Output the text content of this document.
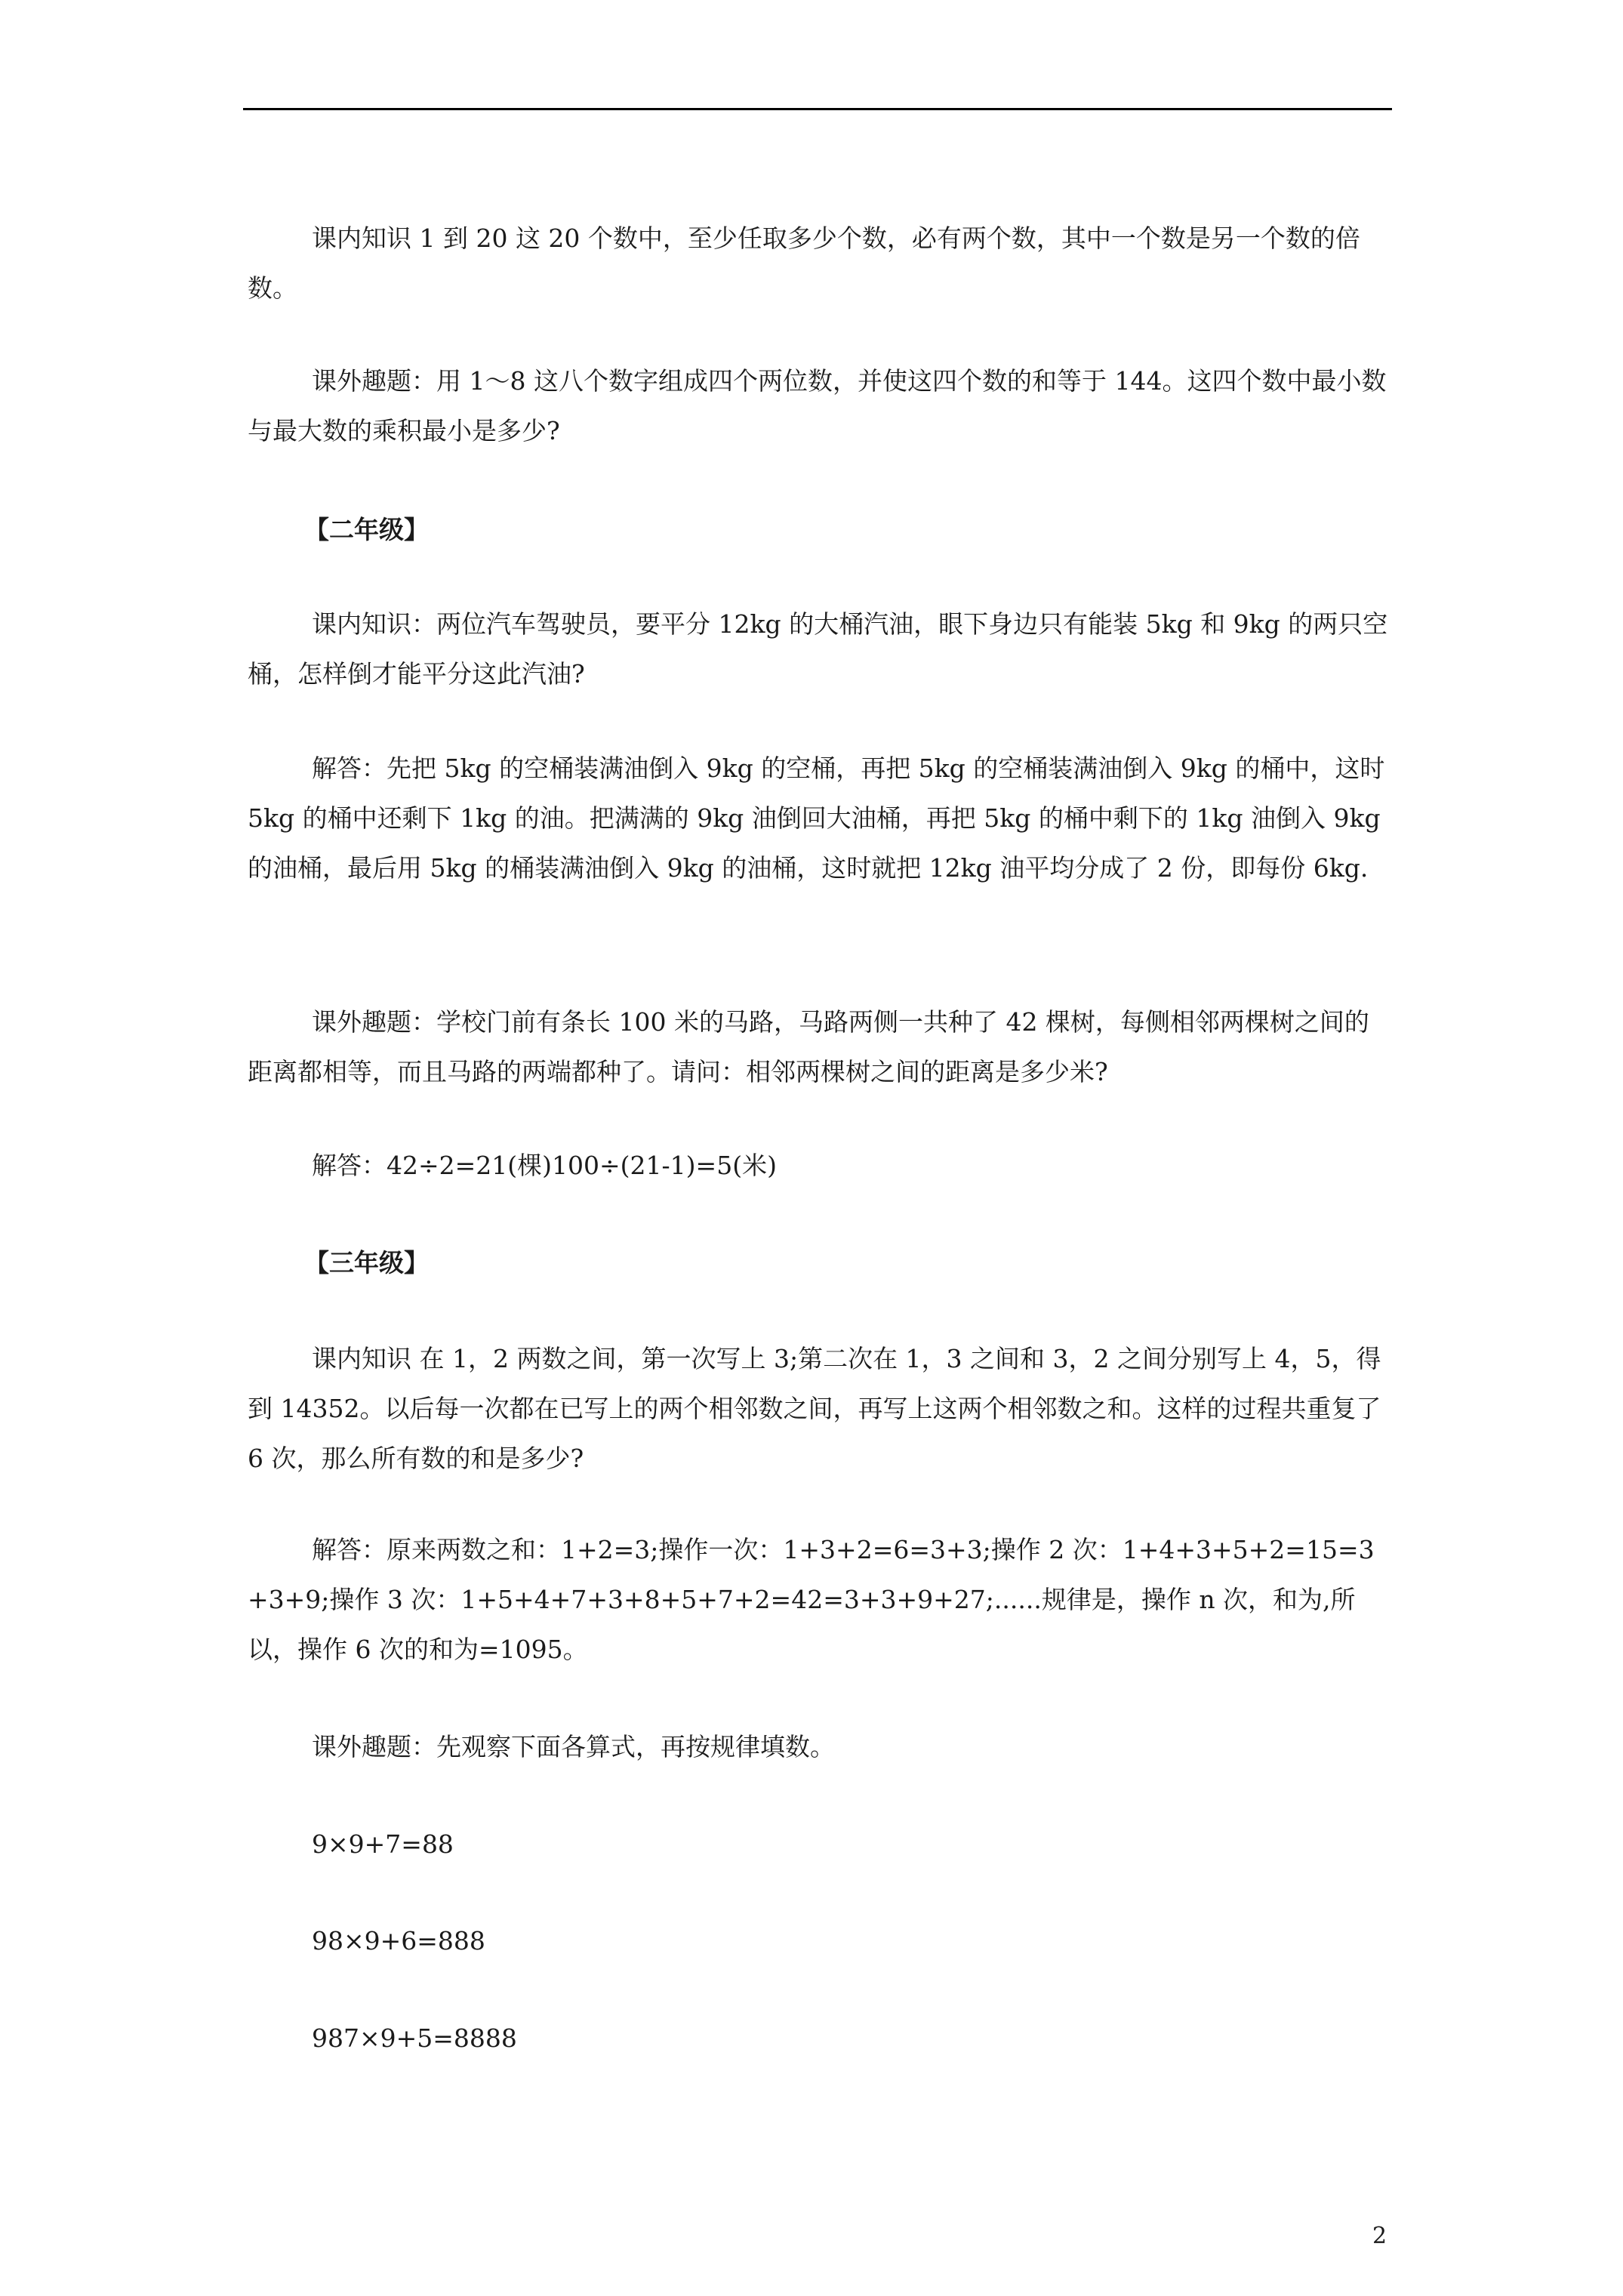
课内知识 1 到 20 这 20 个数中，至少任取多少个数，必有两个数，其中一个数是另一个数的倍数。

课外趣题：用 1～8 这八个数字组成四个两位数，并使这四个数的和等于 144。这四个数中最小数与最大数的乘积最小是多少?

【二年级】

课内知识：两位汽车驾驶员，要平分 12kg 的大桶汽油，眼下身边只有能装 5kg 和 9kg 的两只空桶，怎样倒才能平分这此汽油?

解答：先把 5kg 的空桶装满油倒入 9kg 的空桶，再把 5kg 的空桶装满油倒入 9kg 的桶中，这时 5kg 的桶中还剩下 1kg 的油。把满满的 9kg 油倒回大油桶，再把 5kg 的桶中剩下的 1kg 油倒入 9kg 的油桶，最后用 5kg 的桶装满油倒入 9kg 的油桶，这时就把 12kg 油平均分成了 2 份，即每份 6kg.

课外趣题：学校门前有条长 100 米的马路，马路两侧一共种了 42 棵树，每侧相邻两棵树之间的距离都相等，而且马路的两端都种了。请问：相邻两棵树之间的距离是多少米?

解答：42÷2=21(棵)100÷(21-1)=5(米)

【三年级】

课内知识 在 1，2 两数之间，第一次写上 3;第二次在 1，3 之间和 3，2 之间分别写上 4，5，得到 14352。以后每一次都在已写上的两个相邻数之间，再写上这两个相邻数之和。这样的过程共重复了 6 次，那么所有数的和是多少?

解答：原来两数之和：1+2=3;操作一次：1+3+2=6=3+3;操作 2 次：1+4+3+5+2=15=3+3+9;操作 3 次：1+5+4+7+3+8+5+7+2=42=3+3+9+27;......规律是，操作 n 次，和为,所以，操作 6 次的和为=1095。

课外趣题：先观察下面各算式，再按规律填数。

9×9+7=88

98×9+6=888

987×9+5=8888

2
